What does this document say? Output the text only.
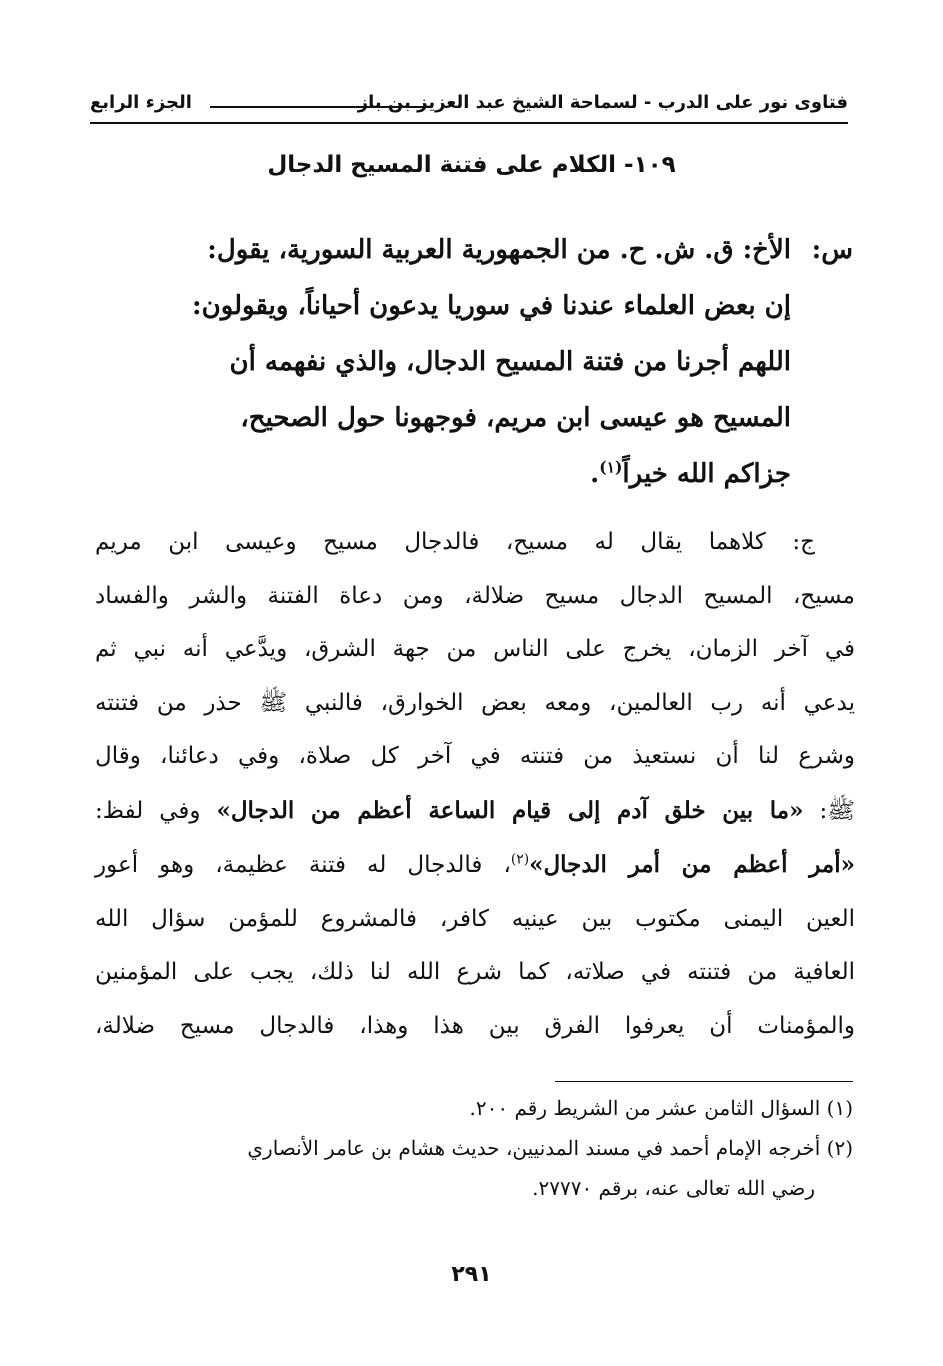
فتاوى نور على الدرب - لسماحة الشيخ عبد العزيز بن باز
الجزء الرابع
١٠٩- الكلام على فتنة المسيح الدجال
س:
الأخ: ق. ش. ح. من الجمهورية العربية السورية، يقول:
إن بعض العلماء عندنا في سوريا يدعون أحياناً، ويقولون:
اللهم أجرنا من فتنة المسيح الدجال، والذي نفهمه أن
المسيح هو عيسى ابن مريم، فوجهونا حول الصحيح،
جزاكم الله خيراً$^{(١)}$.
ج: كلاهما يقال له مسيح، فالدجال مسيح وعيسى ابن مريم
مسيح، المسيح الدجال مسيح ضلالة، ومن دعاة الفتنة والشر والفساد
في آخر الزمان، يخرج على الناس من جهة الشرق، ويدَّعي أنه نبي ثم
يدعي أنه رب العالمين، ومعه بعض الخوارق، فالنبي ﷺ حذر من فتنته
وشرع لنا أن نستعيذ من فتنته في آخر كل صلاة، وفي دعائنا، وقال
ﷺ: «ما بين خلق آدم إلى قيام الساعة أعظم من الدجال» وفي لفظ:
«أمر أعظم من أمر الدجال»$^{(٢)}$، فالدجال له فتنة عظيمة، وهو أعور
العين اليمنى مكتوب بين عينيه كافر، فالمشروع للمؤمن سؤال الله
العافية من فتنته في صلاته، كما شرع الله لنا ذلك، يجب على المؤمنين
والمؤمنات أن يعرفوا الفرق بين هذا وهذا، فالدجال مسيح ضلالة،
(١) السؤال الثامن عشر من الشريط رقم ٢٠٠.
(٢) أخرجه الإمام أحمد في مسند المدنيين، حديث هشام بن عامر الأنصاري
رضي الله تعالى عنه، برقم ٢٧٧٧٠.
٢٩١
